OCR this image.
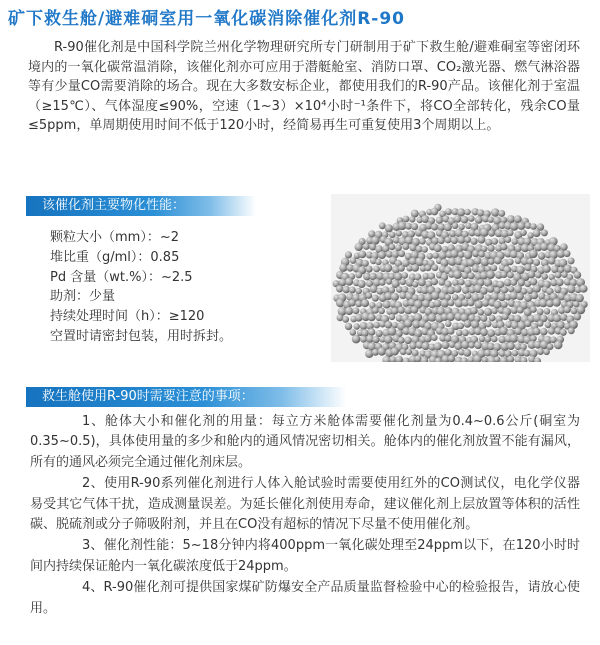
矿下救生舱/避难硐室用一氧化碳消除催化剂R-90

R-90催化剂是中国科学院兰州化学物理研究所专门研制用于矿下救生舱/避难硐室等密闭环境内的一氧化碳常温消除，该催化剂亦可应用于潜艇舱室、消防口罩、CO₂激光器、燃气淋浴器等有少量CO需要消除的场合。现在大多数安标企业，都使用我们的R-90产品。该催化剂于室温（≥15℃）、气体湿度≤90%，空速（1~3）×10⁴小时⁻¹条件下，将CO全部转化，残余CO量≤5ppm，单周期使用时间不低于120小时，经简易再生可重复使用3个周期以上。

该催化剂主要物化性能：
颗粒大小（mm）：~2
堆比重（g/ml）：0.85
Pd 含量（wt.%）：~2.5
助剂：少量
持续处理时间（h）：≥120
空置时请密封包装，用时拆封。
救生舱使用R-90时需要注意的事项：

1、舱体大小和催化剂的用量：每立方米舱体需要催化剂量为0.4~0.6公斤(硐室为0.35~0.5)，具体使用量的多少和舱内的通风情况密切相关。舱体内的催化剂放置不能有漏风，所有的通风必须完全通过催化剂床层。

2、使用R-90系列催化剂进行人体入舱试验时需要使用红外的CO测试仪，电化学仪器易受其它气体干扰，造成测量误差。为延长催化剂使用寿命，建议催化剂上层放置等体积的活性碳、脱硫剂或分子筛吸附剂，并且在CO没有超标的情况下尽量不使用催化剂。

3、催化剂性能：5~18分钟内将400ppm一氧化碳处理至24ppm以下，在120小时时间内持续保证舱内一氧化碳浓度低于24ppm。

4、R-90催化剂可提供国家煤矿防爆安全产品质量监督检验中心的检验报告，请放心使用。
